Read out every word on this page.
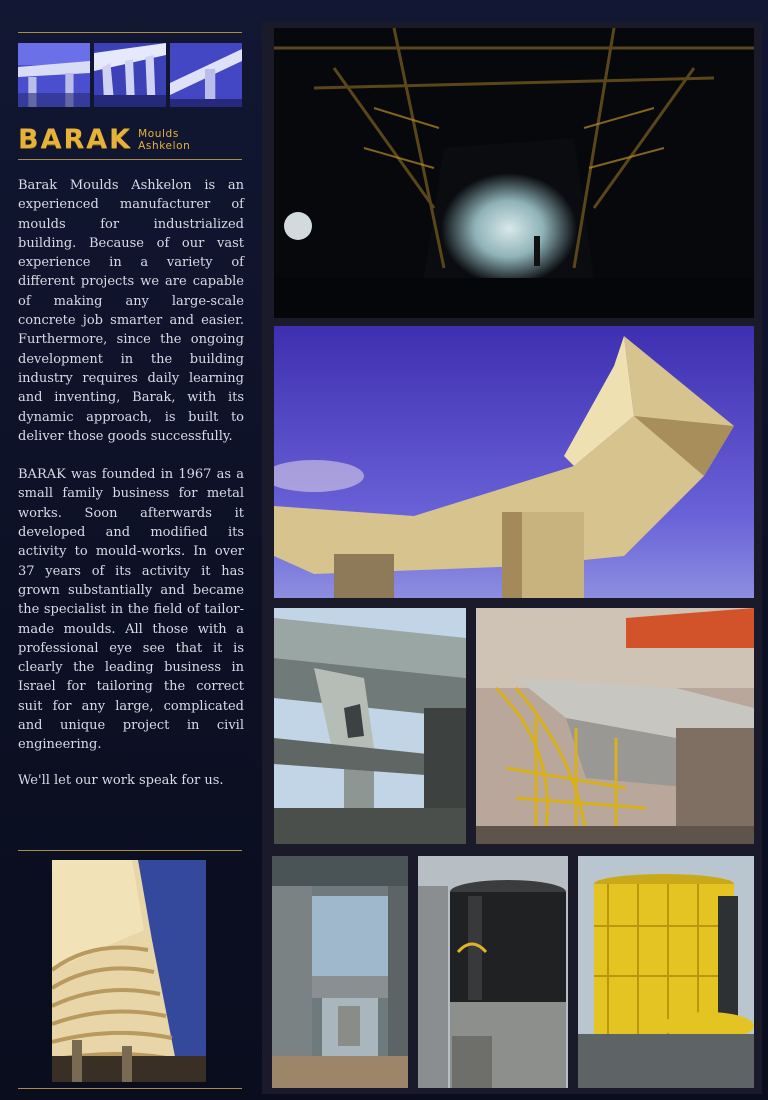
BARAK Moulds
Ashkelon

Barak Moulds Ashkelon is an experienced manufacturer of moulds for industrialized building. Because of our vast experience in a variety of different projects we are capable of making any large-scale concrete job smarter and easier. Furthermore, since the ongoing development in the building industry requires daily learning and inventing, Barak, with its dynamic approach, is built to deliver those goods successfully.

BARAK was founded in 1967 as a small family business for metal works. Soon afterwards it developed and modified its activity to mould-works. In over 37 years of its activity it has grown substantially and became the specialist in the field of tailor-made moulds. All those with a professional eye see that it is clearly the leading business in Israel for tailoring the correct suit for any large, complicated and unique project in civil engineering.

We'll let our work speak for us.
